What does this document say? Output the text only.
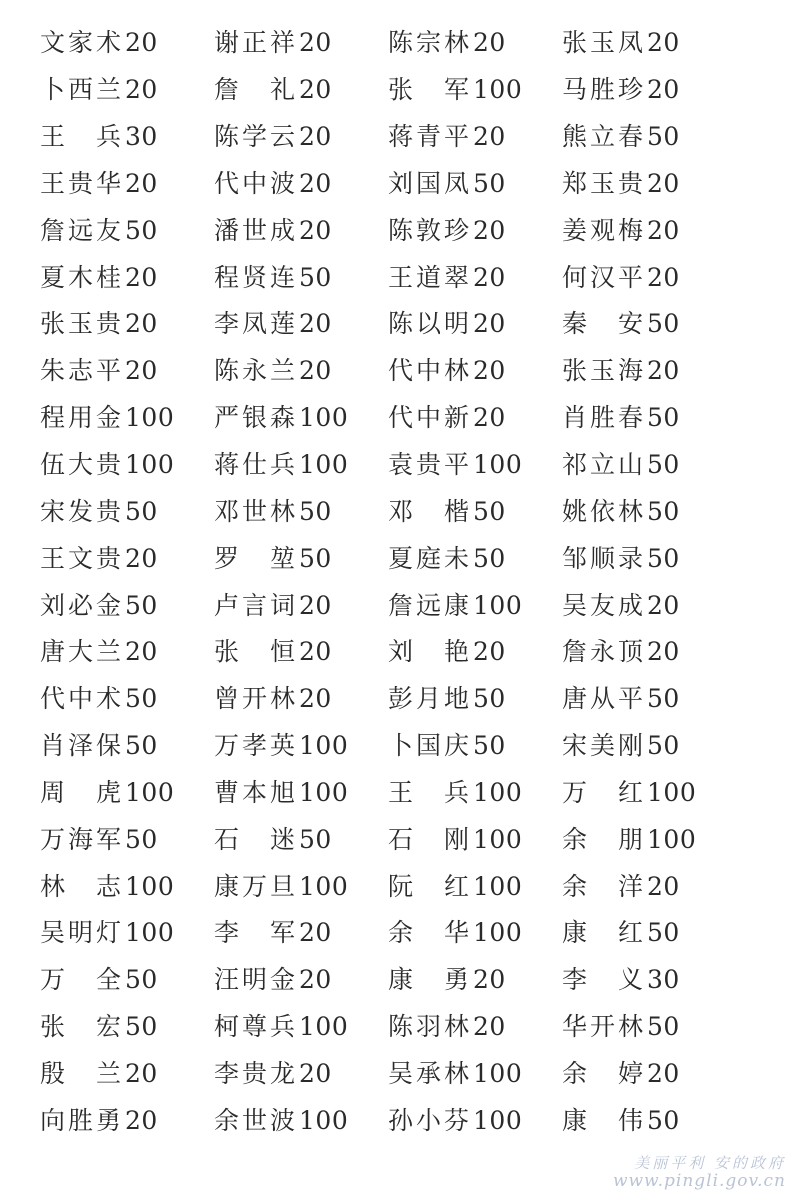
文家术 20 谢正祥 20 陈宗林 20 张玉凤 20
卜西兰 20 詹　礼 20 张　军 100 马胜珍 20
王　兵 30 陈学云 20 蒋青平 20 熊立春 50
王贵华 20 代中波 20 刘国凤 50 郑玉贵 20
詹远友 50 潘世成 20 陈敦珍 20 姜观梅 20
夏木桂 20 程贤连 50 王道翠 20 何汉平 20
张玉贵 20 李凤莲 20 陈以明 20 秦　安 50
朱志平 20 陈永兰 20 代中林 20 张玉海 20
程用金 100 严银森 100 代中新 20 肖胜春 50
伍大贵 100 蒋仕兵 100 袁贵平 100 祁立山 50
宋发贵 50 邓世林 50 邓　楷 50 姚依林 50
王文贵 20 罗　堃 50 夏庭未 50 邹顺录 50
刘必金 50 卢言词 20 詹远康 100 吴友成 20
唐大兰 20 张　恒 20 刘　艳 20 詹永顶 20
代中术 50 曾开林 20 彭月地 50 唐从平 50
肖泽保 50 万孝英 100 卜国庆 50 宋美刚 50
周　虎 100 曹本旭 100 王　兵 100 万　红 100
万海军 50 石　迷 50 石　刚 100 余　朋 100
林　志 100 康万旦 100 阮　红 100 余　洋 20
吴明灯 100 李　军 20 余　华 100 康　红 50
万　全 50 汪明金 20 康　勇 20 李　义 30
张　宏 50 柯尊兵 100 陈羽林 20 华开林 50
殷　兰 20 李贵龙 20 吴承林 100 余　婷 20
向胜勇 20 余世波 100 孙小芬 100 康　伟 50
美丽平利 安的政府
www.pingli.gov.cn
